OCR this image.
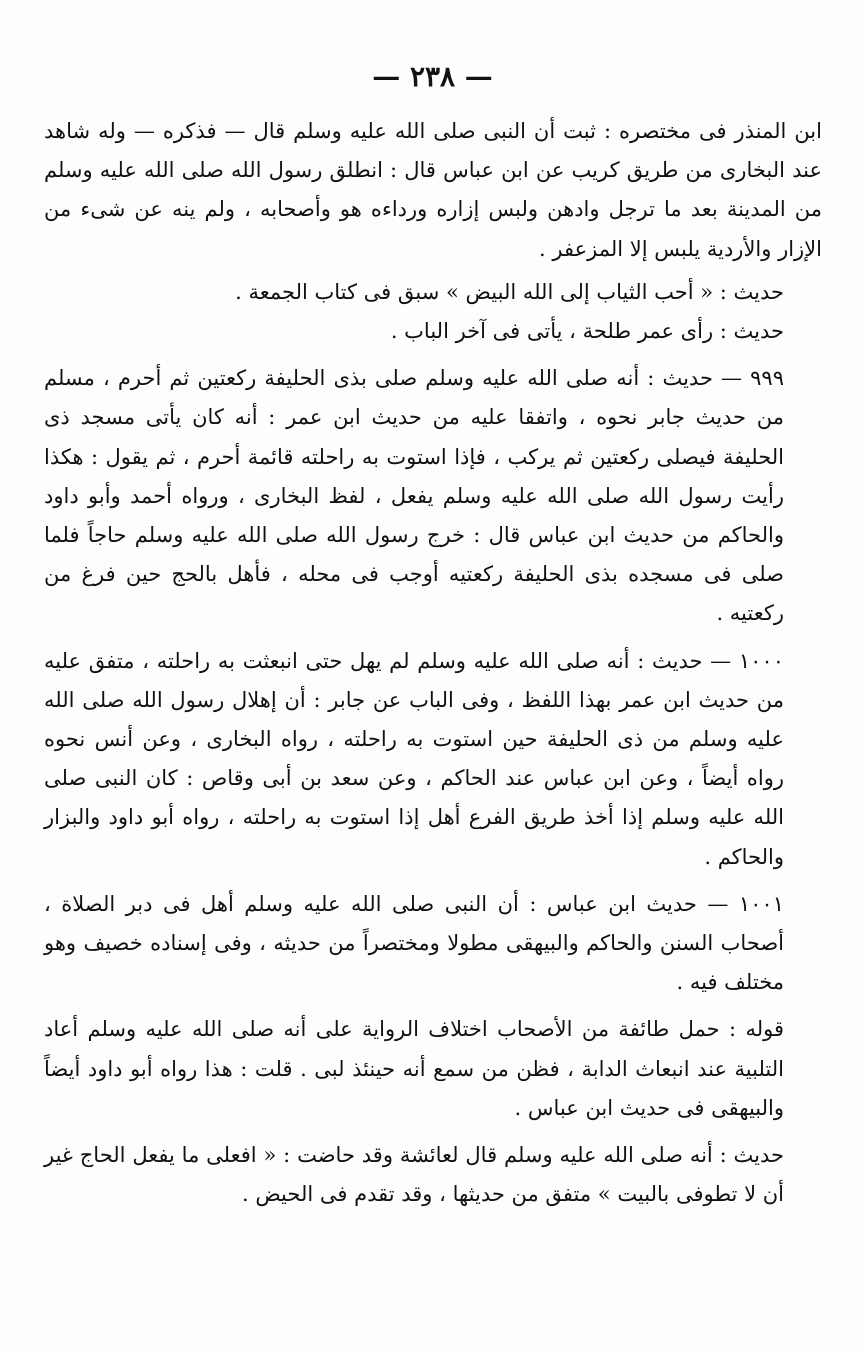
— ٢٣٨ —

ابن المنذر فى مختصره : ثبت أن النبى صلى الله عليه وسلم قال — فذكره — وله شاهد عند البخارى من طريق كريب عن ابن عباس قال : انطلق رسول الله صلى الله عليه وسلم من المدينة بعد ما ترجل وادهن ولبس إزاره ورداءه هو وأصحابه ، ولم ينه عن شىء من الإزار والأردية يلبس إلا المزعفر .

حديث : « أحب الثياب إلى الله البيض » سبق فى كتاب الجمعة .

حديث : رأى عمر طلحة ، يأتى فى آخر الباب .

٩٩٩ — حديث : أنه صلى الله عليه وسلم صلى بذى الحليفة ركعتين ثم أحرم ، مسلم من حديث جابر نحوه ، واتفقا عليه من حديث ابن عمر : أنه كان يأتى مسجد ذى الحليفة فيصلى ركعتين ثم يركب ، فإذا استوت به راحلته قائمة أحرم ، ثم يقول : هكذا رأيت رسول الله صلى الله عليه وسلم يفعل ، لفظ البخارى ، ورواه أحمد وأبو داود والحاكم من حديث ابن عباس قال : خرج رسول الله صلى الله عليه وسلم حاجاً فلما صلى فى مسجده بذى الحليفة ركعتيه أوجب فى محله ، فأهل بالحج حين فرغ من ركعتيه .

١٠٠٠ — حديث : أنه صلى الله عليه وسلم لم يهل حتى انبعثت به راحلته ، متفق عليه من حديث ابن عمر بهذا اللفظ ، وفى الباب عن جابر : أن إهلال رسول الله صلى الله عليه وسلم من ذى الحليفة حين استوت به راحلته ، رواه البخارى ، وعن أنس نحوه رواه أيضاً ، وعن ابن عباس عند الحاكم ، وعن سعد بن أبى وقاص : كان النبى صلى الله عليه وسلم إذا أخذ طريق الفرع أهل إذا استوت به راحلته ، رواه أبو داود والبزار والحاكم .

١٠٠١ — حديث ابن عباس : أن النبى صلى الله عليه وسلم أهل فى دبر الصلاة ، أصحاب السنن والحاكم والبيهقى مطولا ومختصراً من حديثه ، وفى إسناده خصيف وهو مختلف فيه .

قوله : حمل طائفة من الأصحاب اختلاف الرواية على أنه صلى الله عليه وسلم أعاد التلبية عند انبعاث الدابة ، فظن من سمع أنه حينئذ لبى . قلت : هذا رواه أبو داود أيضاً والبيهقى فى حديث ابن عباس .

حديث : أنه صلى الله عليه وسلم قال لعائشة وقد حاضت : « افعلى ما يفعل الحاج غير أن لا تطوفى بالبيت » متفق من حديثها ، وقد تقدم فى الحيض .
